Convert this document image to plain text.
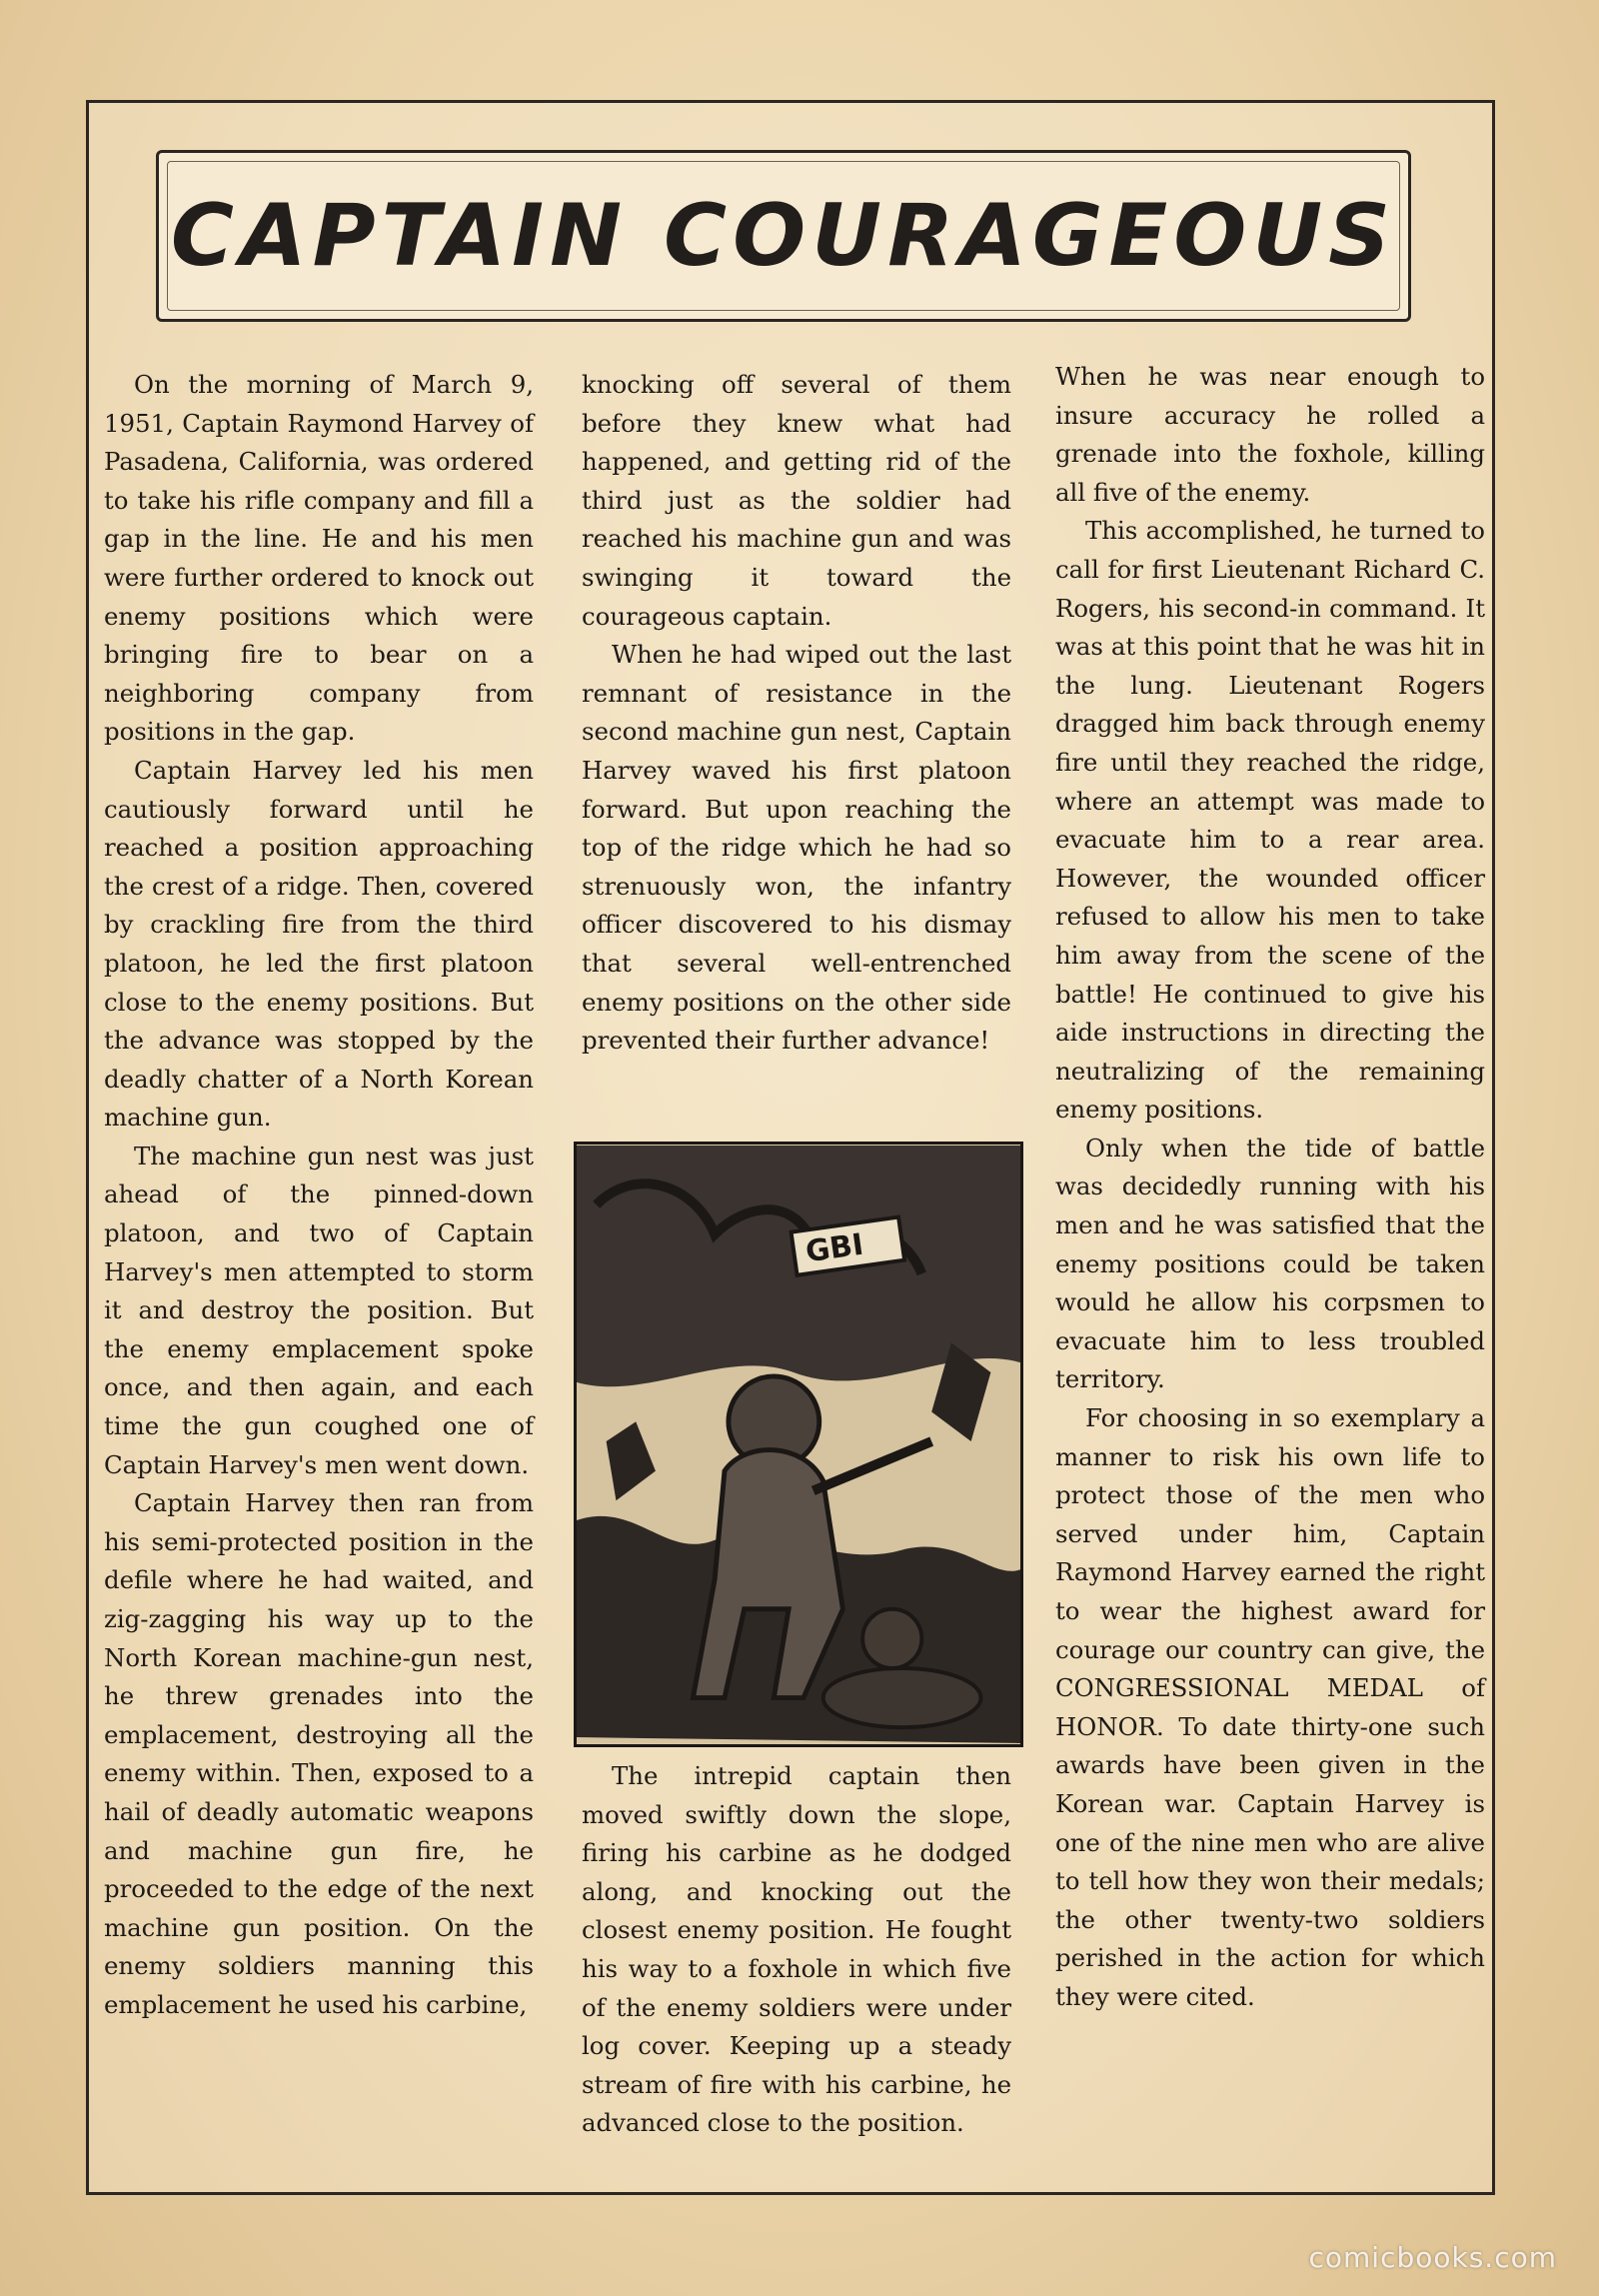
CAPTAIN COURAGEOUS

On the morning of March 9, 1951, Captain Raymond Harvey of Pasadena, California, was ordered to take his rifle company and fill a gap in the line. He and his men were further ordered to knock out enemy positions which were bringing fire to bear on a neighboring company from positions in the gap.

Captain Harvey led his men cautiously forward until he reached a position approaching the crest of a ridge. Then, covered by crackling fire from the third platoon, he led the first platoon close to the enemy positions. But the advance was stopped by the deadly chatter of a North Korean machine gun.

The machine gun nest was just ahead of the pinned-down platoon, and two of Captain Harvey's men attempted to storm it and destroy the position. But the enemy emplacement spoke once, and then again, and each time the gun coughed one of Captain Harvey's men went down.

Captain Harvey then ran from his semi-protected position in the defile where he had waited, and zig-zagging his way up to the North Korean machine-gun nest, he threw grenades into the emplacement, destroying all the enemy within. Then, exposed to a hail of deadly automatic weapons and machine gun fire, he proceeded to the edge of the next machine gun position. On the enemy soldiers manning this emplacement he used his carbine,

knocking off several of them before they knew what had happened, and getting rid of the third just as the soldier had reached his machine gun and was swinging it toward the courageous captain.

When he had wiped out the last remnant of resistance in the second machine gun nest, Captain Harvey waved his first platoon forward. But upon reaching the top of the ridge which he had so strenuously won, the infantry officer discovered to his dismay that several well-entrenched enemy positions on the other side prevented their further advance!

GBI

The intrepid captain then moved swiftly down the slope, firing his carbine as he dodged along, and knocking out the closest enemy position. He fought his way to a foxhole in which five of the enemy soldiers were under log cover. Keeping up a steady stream of fire with his carbine, he advanced close to the position.

When he was near enough to insure accuracy he rolled a grenade into the foxhole, killing all five of the enemy.

This accomplished, he turned to call for first Lieutenant Richard C. Rogers, his second-in command. It was at this point that he was hit in the lung. Lieutenant Rogers dragged him back through enemy fire until they reached the ridge, where an attempt was made to evacuate him to a rear area. However, the wounded officer refused to allow his men to take him away from the scene of the battle! He continued to give his aide instructions in directing the neutralizing of the remaining enemy positions.

Only when the tide of battle was decidedly running with his men and he was satisfied that the enemy positions could be taken would he allow his corpsmen to evacuate him to less troubled territory.

For choosing in so exemplary a manner to risk his own life to protect those of the men who served under him, Captain Raymond Harvey earned the right to wear the highest award for courage our country can give, the CONGRESSIONAL MEDAL of HONOR. To date thirty-one such awards have been given in the Korean war. Captain Harvey is one of the nine men who are alive to tell how they won their medals; the other twenty-two soldiers perished in the action for which they were cited.

comicbooks.com
